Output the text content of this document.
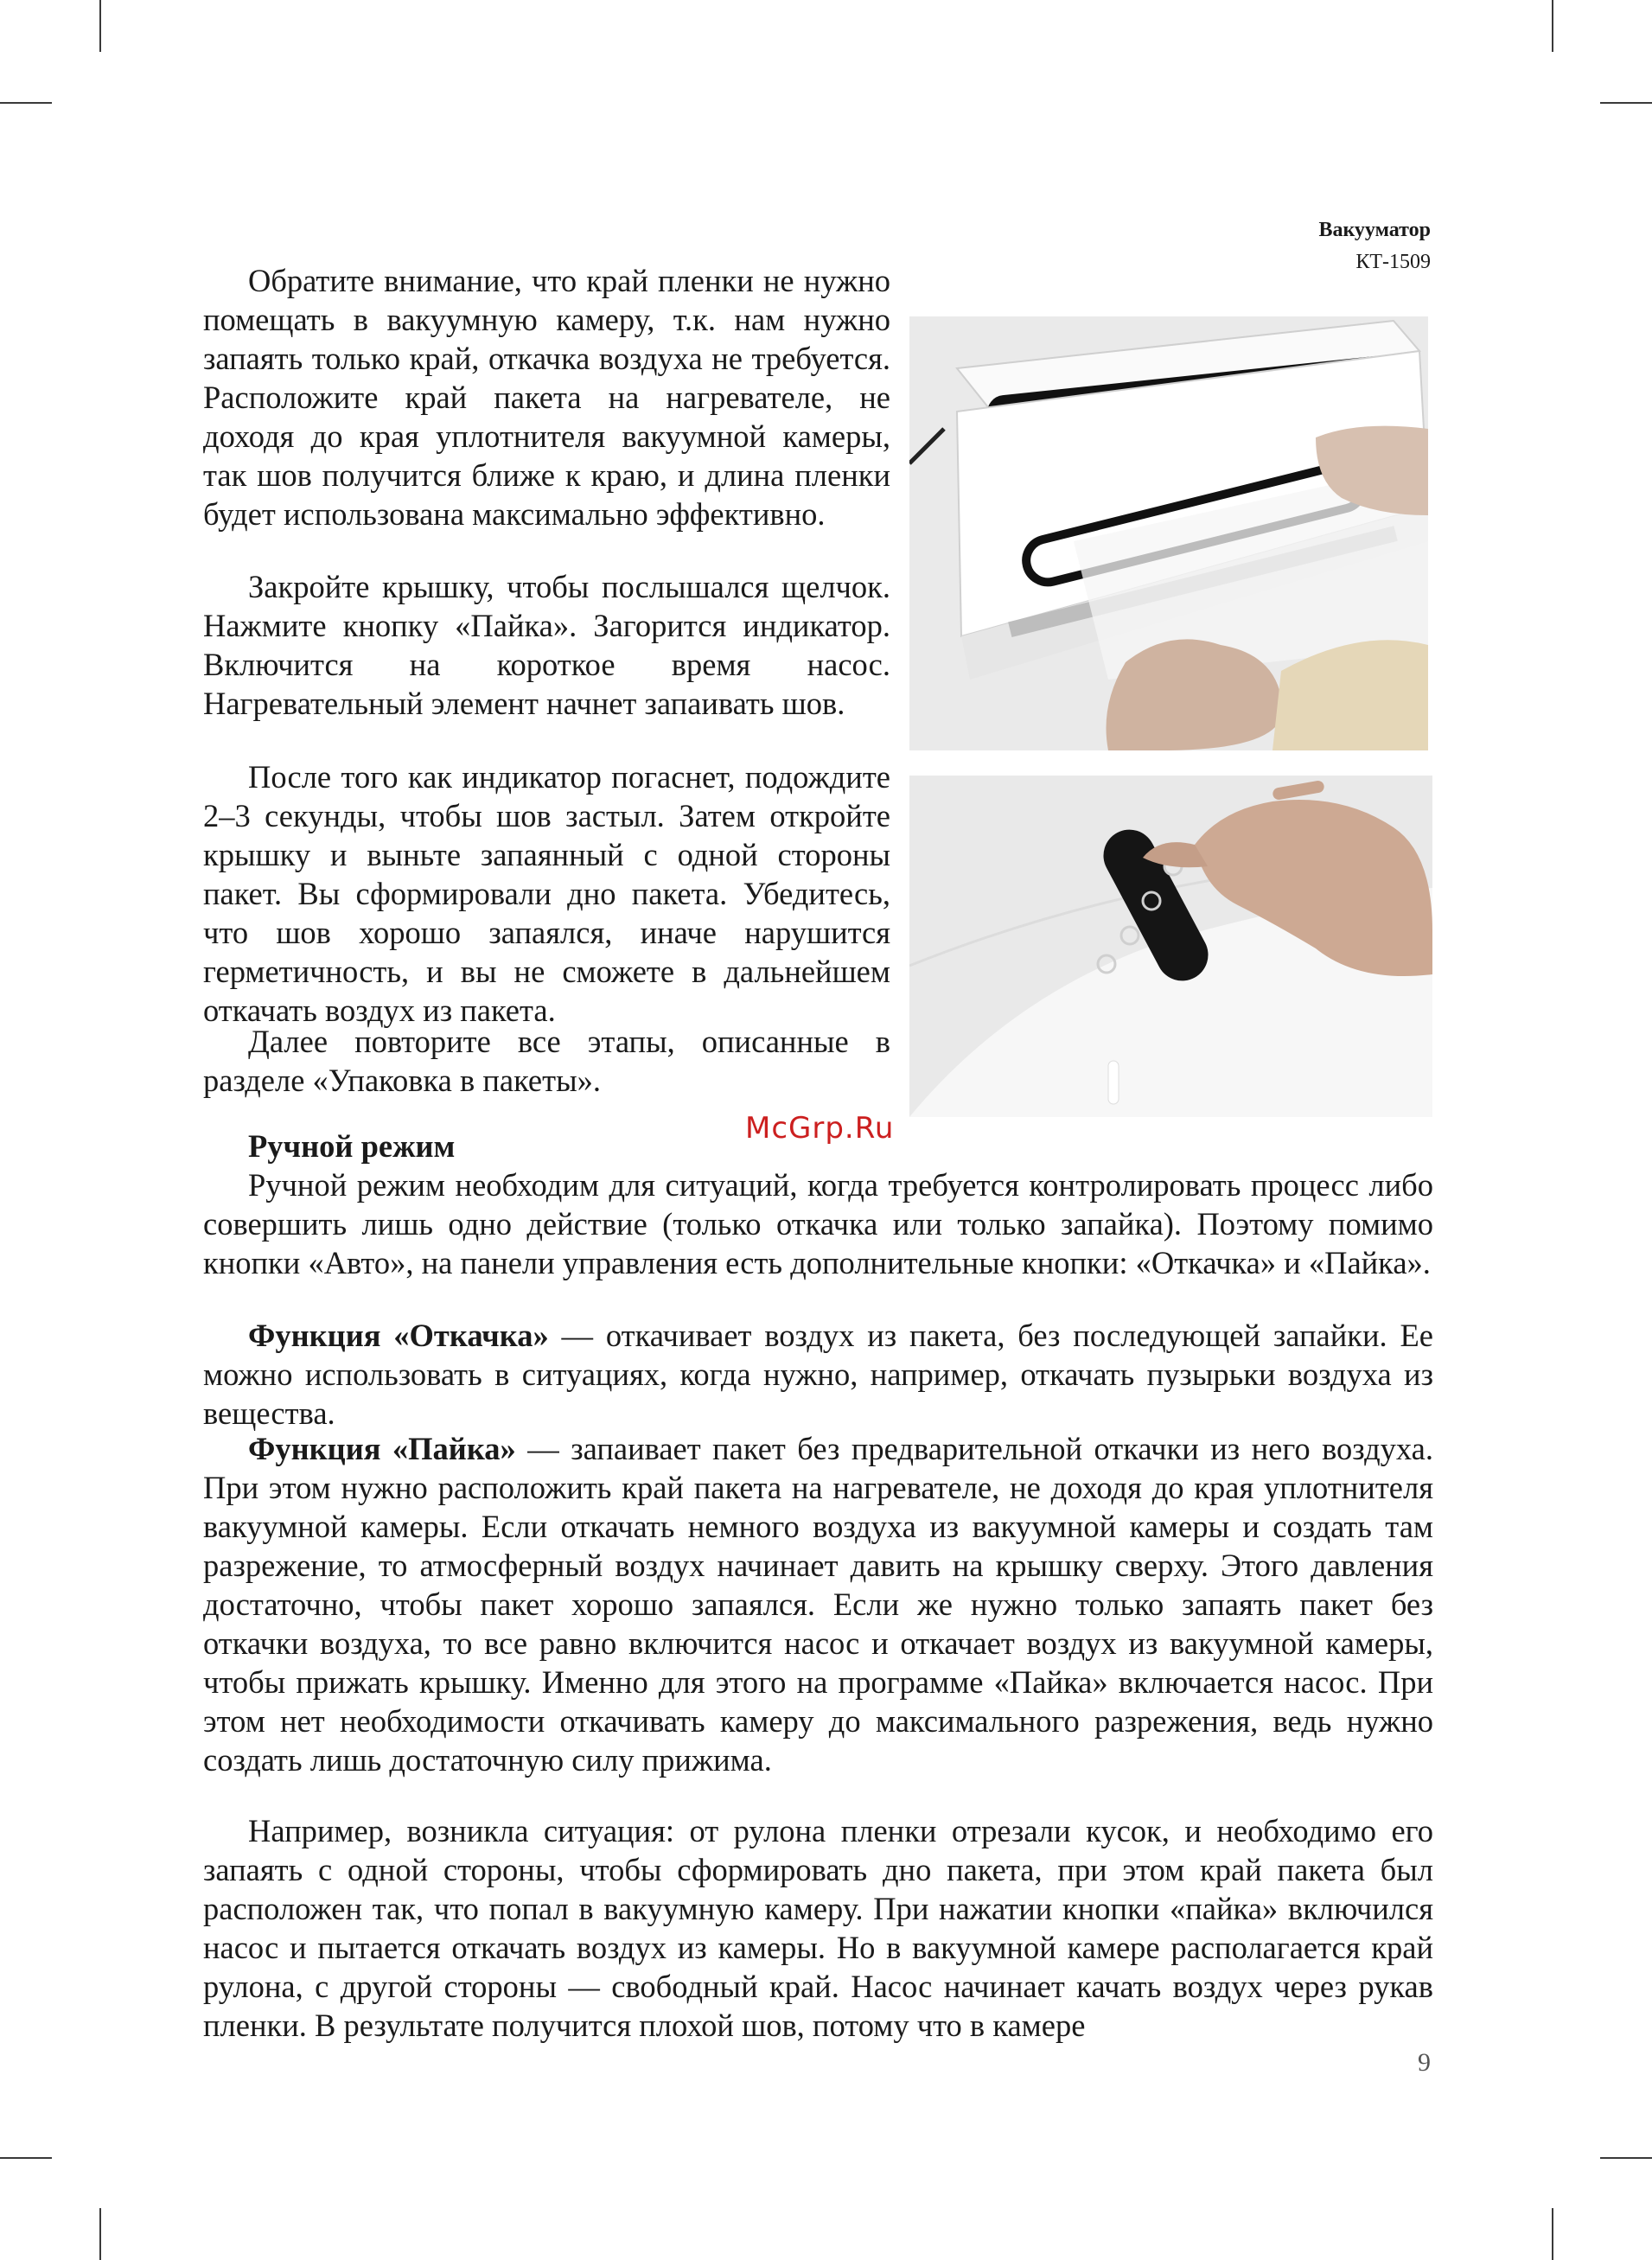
Вакууматор
КТ-1509

Обратите внимание, что край пленки не нужно помещать в вакуумную камеру, т.к. нам нужно запаять только край, откачка воздуха не требуется. Расположите край пакета на нагревателе, не доходя до края уплотнителя вакуумной камеры, так шов получится ближе к краю, и длина пленки будет использована максимально эффективно.

Закройте крышку, чтобы послышался щелчок. Нажмите кнопку «Пайка». Загорится индикатор. Включится на короткое время насос. Нагревательный элемент начнет запаивать шов.

После того как индикатор погаснет, подождите 2–3 секунды, чтобы шов застыл. Затем откройте крышку и выньте запаянный с одной стороны пакет. Вы сформировали дно пакета. Убедитесь, что шов хорошо запаялся, иначе нарушится герметичность, и вы не сможете в дальнейшем откачать воздух из пакета.

Далее повторите все этапы, описанные в разделе «Упаковка в пакеты».

McGrp.Ru

Ручной режим

Ручной режим необходим для ситуаций, когда требуется контролировать процесс либо совершить лишь одно действие (только откачка или только запайка). Поэтому помимо кнопки «Авто», на панели управления есть дополнительные кнопки: «Откачка» и «Пайка».

Функция «Откачка» — откачивает воздух из пакета, без последующей запайки. Ее можно использовать в ситуациях, когда нужно, например, откачать пузырьки воздуха из вещества.

Функция «Пайка» — запаивает пакет без предварительной откачки из него воздуха. При этом нужно расположить край пакета на нагревателе, не доходя до края уплотнителя вакуумной камеры. Если откачать немного воздуха из вакуумной камеры и создать там разрежение, то атмосферный воздух начинает давить на крышку сверху. Этого давления достаточно, чтобы пакет хорошо запаялся. Если же нужно только запаять пакет без откачки воздуха, то все равно включится насос и откачает воздух из вакуумной камеры, чтобы прижать крышку. Именно для этого на программе «Пайка» включается насос. При этом нет необходимости откачивать камеру до максимального разрежения, ведь нужно создать лишь достаточную силу прижима.

Например, возникла ситуация: от рулона пленки отрезали кусок, и необходимо его запаять с одной стороны, чтобы сформировать дно пакета, при этом край пакета был расположен так, что попал в вакуумную камеру. При нажатии кнопки «пайка» включился насос и пытается откачать воздух из камеры. Но в вакуумной камере располагается край рулона, с другой стороны — свободный край. Насос начинает качать воздух через рукав пленки. В результате получится плохой шов, потому что в камере

9
